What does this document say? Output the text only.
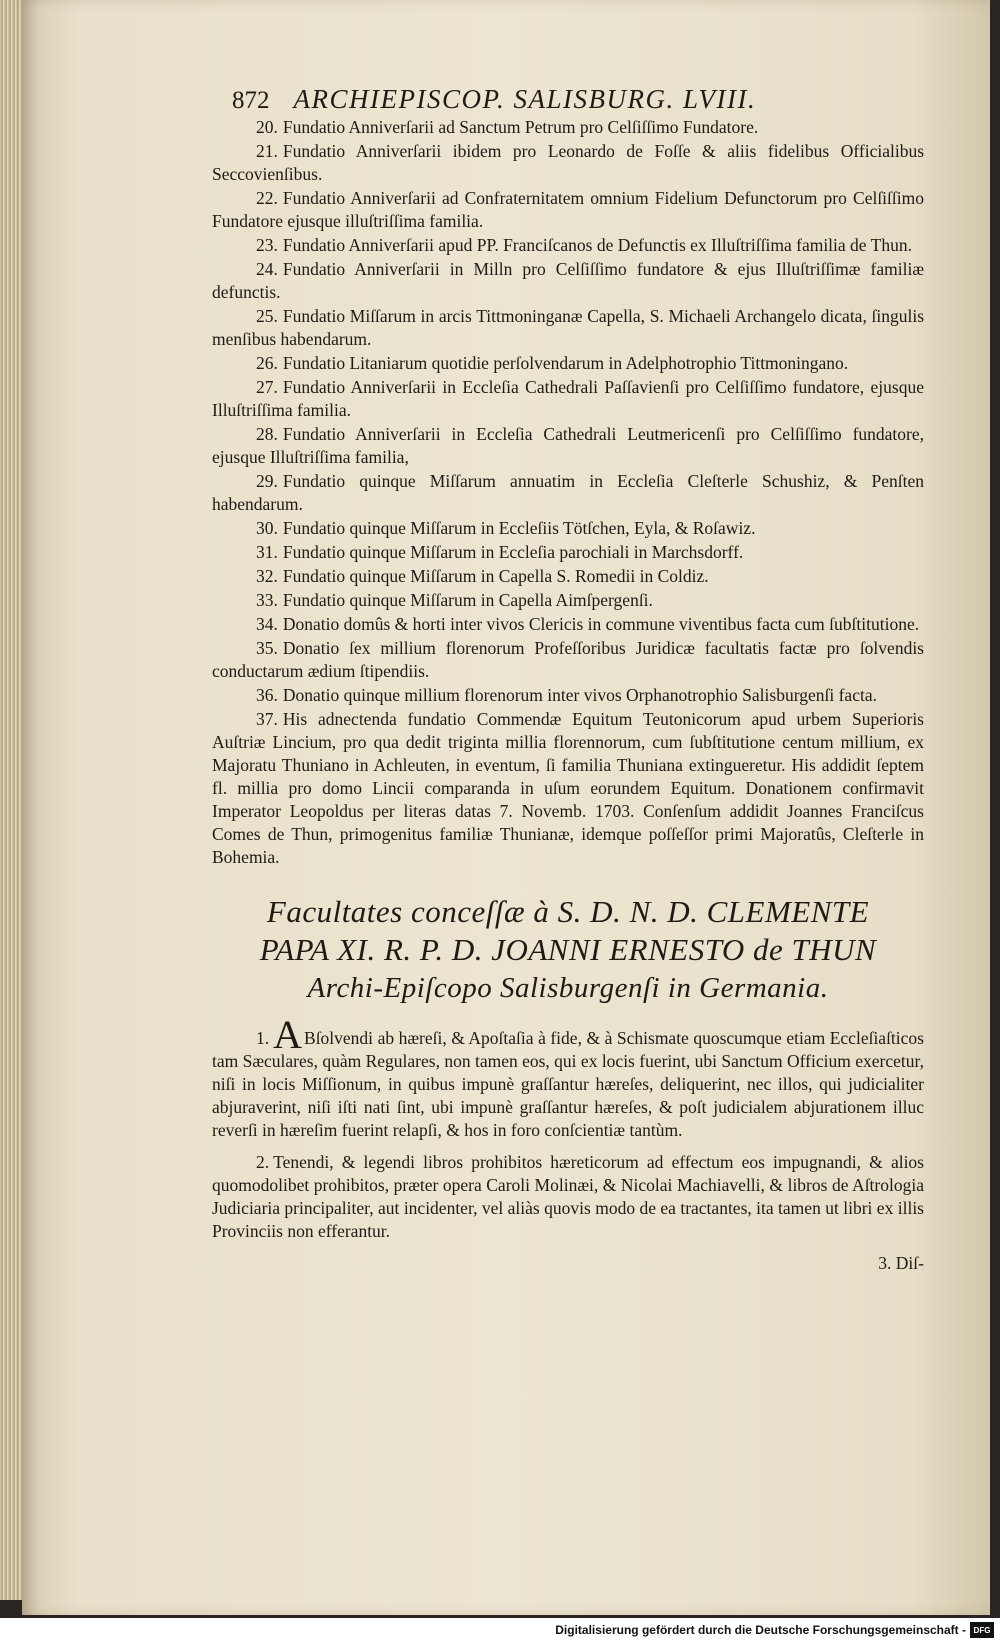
872 ARCHIEPISCOP. SALISBURG. LVIII.
20. Fundatio Anniverſarii ad Sanctum Petrum pro Celſiſſimo Fundatore.
21. Fundatio Anniverſarii ibidem pro Leonardo de Foſſe & aliis fidelibus Officialibus Seccovienſibus.
22. Fundatio Anniverſarii ad Confraternitatem omnium Fidelium Defunctorum pro Celſiſſimo Fundatore ejusque illuſtriſſima familia.
23. Fundatio Anniverſarii apud PP. Franciſcanos de Defunctis ex Illuſtriſſima familia de Thun.
24. Fundatio Anniverſarii in Milln pro Celſiſſimo fundatore & ejus Illuſtriſſimæ familiæ defunctis.
25. Fundatio Miſſarum in arcis Tittmoninganæ Capella, S. Michaeli Archangelo dicata, ſingulis menſibus habendarum.
26. Fundatio Litaniarum quotidie perſolvendarum in Adelphotrophio Tittmoningano.
27. Fundatio Anniverſarii in Eccleſia Cathedrali Paſſavienſi pro Celſiſſimo fundatore, ejusque Illuſtriſſima familia.
28. Fundatio Anniverſarii in Eccleſia Cathedrali Leutmericenſi pro Celſiſſimo fundatore, ejusque Illuſtriſſima familia,
29. Fundatio quinque Miſſarum annuatim in Eccleſia Cleſterle Schushiz, & Penſten habendarum.
30. Fundatio quinque Miſſarum in Eccleſiis Tötſchen, Eyla, & Roſawiz.
31. Fundatio quinque Miſſarum in Eccleſia parochiali in Marchsdorff.
32. Fundatio quinque Miſſarum in Capella S. Romedii in Coldiz.
33. Fundatio quinque Miſſarum in Capella Aimſpergenſi.
34. Donatio domûs & horti inter vivos Clericis in commune viventibus facta cum ſubſtitutione.
35. Donatio ſex millium florenorum Profeſſoribus Juridicæ facultatis factæ pro ſolvendis conductarum ædium ſtipendiis.
36. Donatio quinque millium florenorum inter vivos Orphanotrophio Salisburgenſi facta.
37. His adnectenda fundatio Commendæ Equitum Teutonicorum apud urbem Superioris Auſtriæ Lincium, pro qua dedit triginta millia florennorum, cum ſubſtitutione centum millium, ex Majoratu Thuniano in Achleuten, in eventum, ſi familia Thuniana extingueretur. His addidit ſeptem fl. millia pro domo Lincii comparanda in uſum eorundem Equitum. Donationem confirmavit Imperator Leopoldus per literas datas 7. Novemb. 1703. Conſenſum addidit Joannes Franciſcus Comes de Thun, primogenitus familiæ Thunianæ, idemque poſſeſſor primi Majoratûs, Cleſterle in Bohemia.
Facultates conceſſæ à S. D. N. D. CLEMENTE
PAPA XI. R. P. D. JOANNI ERNESTO de THUN
Archi-Epiſcopo Salisburgenſi in Germania.
1. A Bſolvendi ab hæreſi, & Apoſtaſia à fide, & à Schismate quoscumque etiam Eccleſiaſticos tam Sæculares, quàm Regulares, non tamen eos, qui ex locis fuerint, ubi Sanctum Officium exercetur, niſi in locis Miſſionum, in quibus impunè graſſantur hæreſes, deliquerint, nec illos, qui judicialiter abjuraverint, niſi iſti nati ſint, ubi impunè graſſantur hæreſes, & poſt judicialem abjurationem illuc reverſi in hæreſim fuerint relapſi, & hos in foro conſcientiæ tantùm.
2. Tenendi, & legendi libros prohibitos hæreticorum ad effectum eos impugnandi, & alios quomodolibet prohibitos, præter opera Caroli Molinæi, & Nicolai Machiavelli, & libros de Aſtrologia Judiciaria principaliter, aut incidenter, vel aliàs quovis modo de ea tractantes, ita tamen ut libri ex illis Provinciis non efferantur.
3. Diſ-
Digitalisierung gefördert durch die Deutsche Forschungsgemeinschaft - DFG
